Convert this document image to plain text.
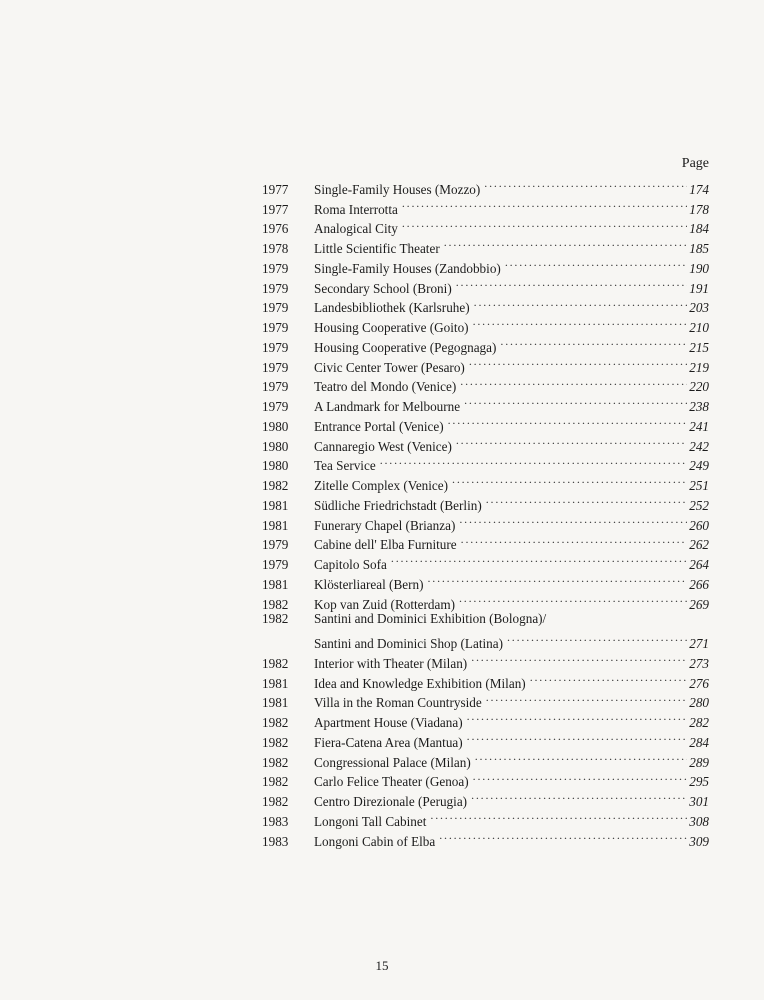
Page
1977	Single-Family Houses (Mozzo) . . .	174
1977	Roma Interrotta . . .	178
1976	Analogical City . . .	184
1978	Little Scientific Theater . . .	185
1979	Single-Family Houses (Zandobbio) . . .	190
1979	Secondary School (Broni) . . .	191
1979	Landesbibliothek (Karlsruhe) . . .	203
1979	Housing Cooperative (Goito) . . .	210
1979	Housing Cooperative (Pegognaga) . . .	215
1979	Civic Center Tower (Pesaro) . . .	219
1979	Teatro del Mondo (Venice) . . .	220
1979	A Landmark for Melbourne . . .	238
1980	Entrance Portal (Venice) . . .	241
1980	Cannaregio West (Venice) . . .	242
1980	Tea Service . . .	249
1982	Zitelle Complex (Venice) . . .	251
1981	Südliche Friedrichstadt (Berlin) . . .	252
1981	Funerary Chapel (Brianza) . . .	260
1979	Cabine dell' Elba Furniture . . .	262
1979	Capitolo Sofa . . .	264
1981	Klösterliareal (Bern) . . .	266
1982	Kop van Zuid (Rotterdam) . . .	269
1982	Santini and Dominici Exhibition (Bologna)/
Santini and Dominici Shop (Latina) . . .	271
1982	Interior with Theater (Milan) . . .	273
1981	Idea and Knowledge Exhibition (Milan) . . .	276
1981	Villa in the Roman Countryside . . .	280
1982	Apartment House (Viadana) . . .	282
1982	Fiera-Catena Area (Mantua) . . .	284
1982	Congressional Palace (Milan) . . .	289
1982	Carlo Felice Theater (Genoa) . . .	295
1982	Centro Direzionale (Perugia) . . .	301
1983	Longoni Tall Cabinet . . .	308
1983	Longoni Cabin of Elba . . .	309
15
